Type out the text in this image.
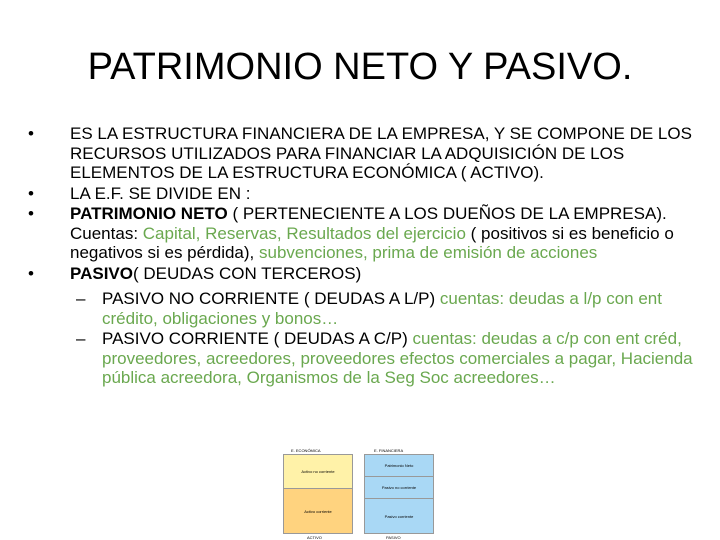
PATRIMONIO NETO Y PASIVO.
• ES LA ESTRUCTURA FINANCIERA DE LA EMPRESA, Y SE COMPONE DE LOS RECURSOS UTILIZADOS PARA FINANCIAR LA ADQUISICIÓN DE LOS ELEMENTOS DE LA ESTRUCTURA ECONÓMICA ( ACTIVO).
• LA E.F. SE DIVIDE EN :
• PATRIMONIO NETO ( PERTENECIENTE A LOS DUEÑOS DE LA EMPRESA). Cuentas: Capital, Reservas, Resultados del ejercicio ( positivos si es beneficio o negativos si es pérdida), subvenciones, prima de emisión de acciones
• PASIVO( DEUDAS CON TERCEROS)
– PASIVO NO CORRIENTE ( DEUDAS A L/P) cuentas: deudas a l/p con ent crédito, obligaciones y bonos…
– PASIVO CORRIENTE ( DEUDAS A C/P) cuentas: deudas a c/p con ent créd, proveedores, acreedores, proveedores efectos comerciales a pagar, Hacienda pública acreedora, Organismos de la Seg Soc acreedores…
E. ECONÓMICA
Activo no corriente
Activo corriente
ACTIVO
E. FINANCIERA
Patrimonio Neto
Pasivo no corriente
Pasivo corriente
PASIVO
